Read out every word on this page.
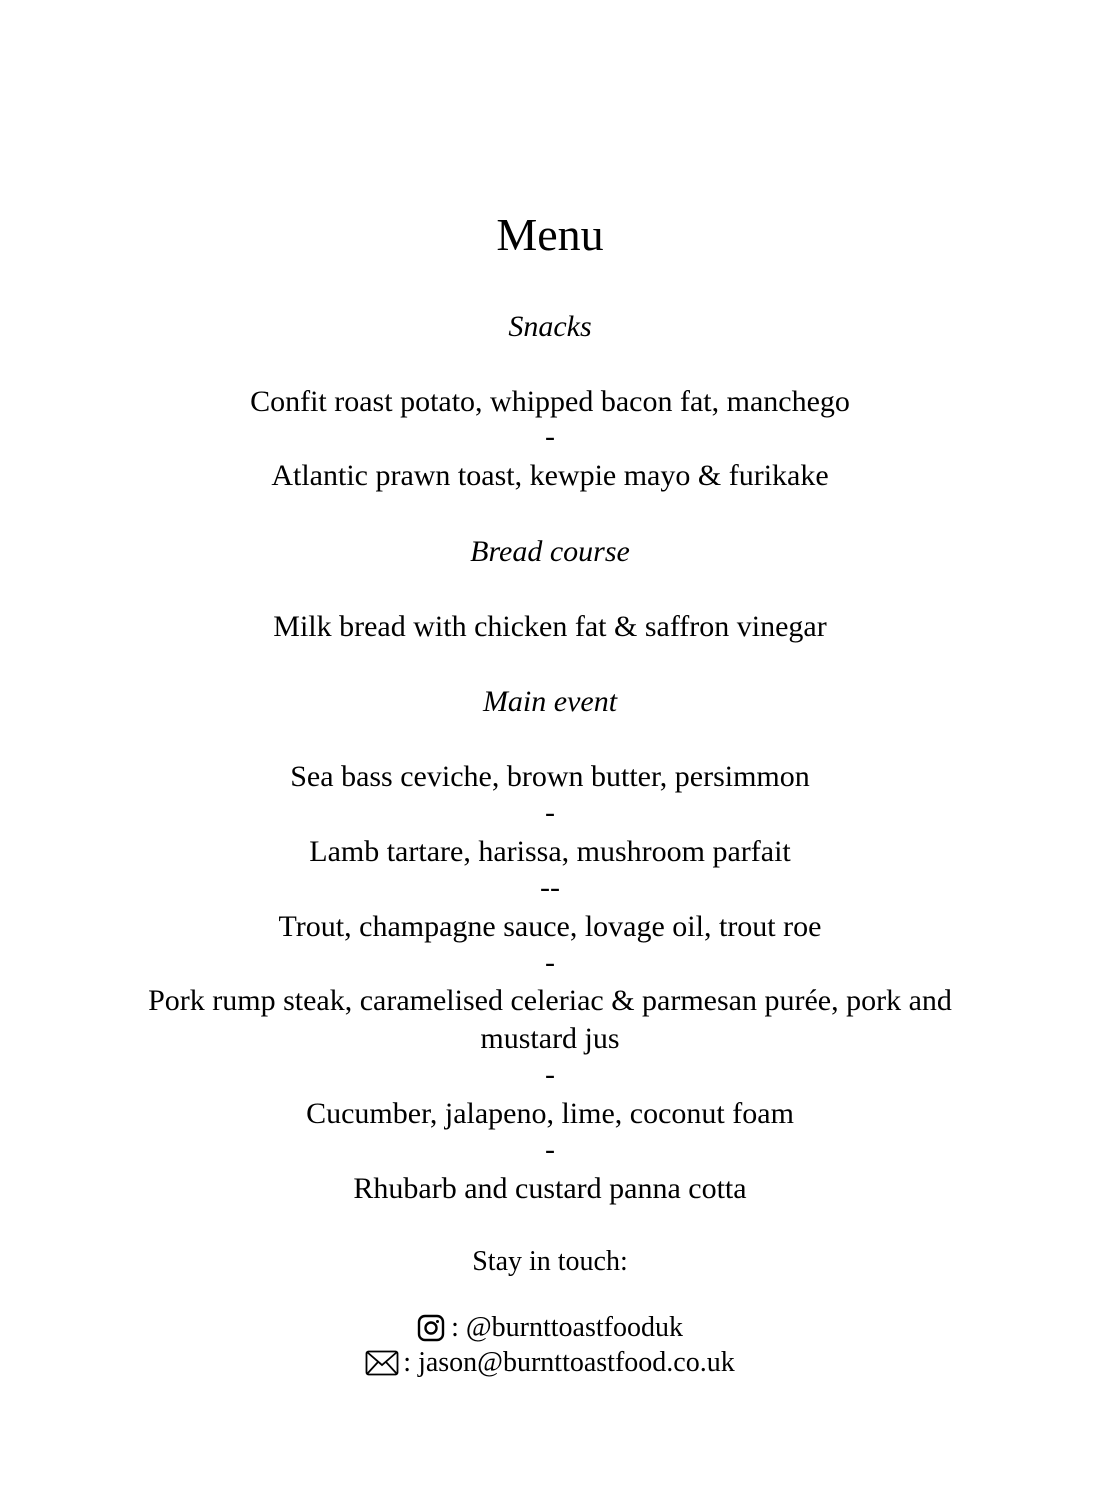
Menu
Snacks
Confit roast potato, whipped bacon fat, manchego
-
Atlantic prawn toast, kewpie mayo & furikake
Bread course
Milk bread with chicken fat & saffron vinegar
Main event
Sea bass ceviche, brown butter, persimmon
-
Lamb tartare, harissa, mushroom parfait
--
Trout, champagne sauce, lovage oil, trout roe
-
Pork rump steak, caramelised celeriac & parmesan purée, pork and
mustard jus
-
Cucumber, jalapeno, lime, coconut foam
-
Rhubarb and custard panna cotta
Stay in touch:
: @burnttoastfooduk
: jason@burnttoastfood.co.uk
